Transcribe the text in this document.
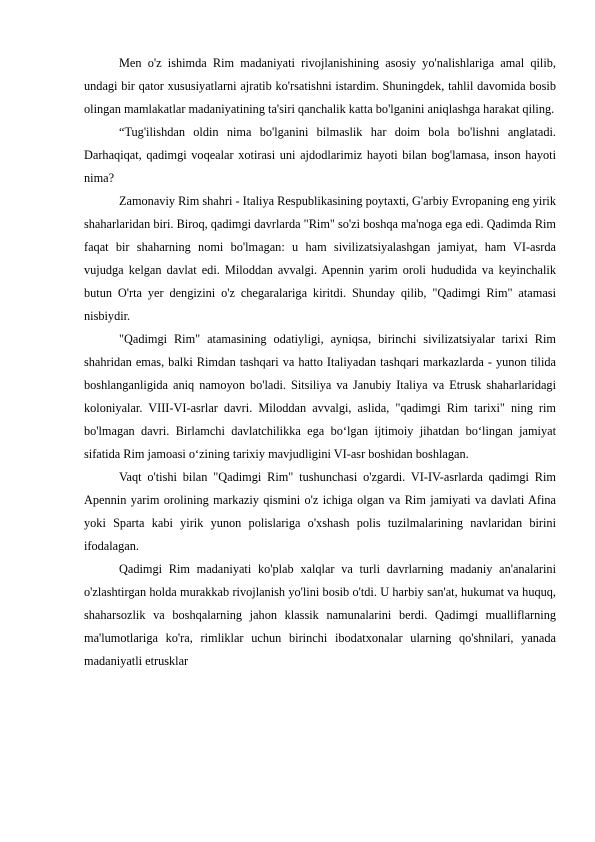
Men o'z ishimda Rim madaniyati rivojlanishining asosiy yo'nalishlariga amal qilib, undagi bir qator xususiyatlarni ajratib ko'rsatishni istardim. Shuningdek, tahlil davomida bosib olingan mamlakatlar madaniyatining ta'siri qanchalik katta bo'lganini aniqlashga harakat qiling.

“Tug'ilishdan oldin nima bo'lganini bilmaslik har doim bola bo'lishni anglatadi. Darhaqiqat, qadimgi voqealar xotirasi uni ajdodlarimiz hayoti bilan bog'lamasa, inson hayoti nima?

Zamonaviy Rim shahri - Italiya Respublikasining poytaxti, G'arbiy Evropaning eng yirik shaharlaridan biri. Biroq, qadimgi davrlarda "Rim" so'zi boshqa ma'noga ega edi. Qadimda Rim faqat bir shaharning nomi bo'lmagan: u ham sivilizatsiyalashgan jamiyat, ham VI-asrda vujudga kelgan davlat edi. Miloddan avvalgi. Apennin yarim oroli hududida va keyinchalik butun O'rta yer dengizini o'z chegaralariga kiritdi. Shunday qilib, "Qadimgi Rim" atamasi nisbiydir.

"Qadimgi Rim" atamasining odatiyligi, ayniqsa, birinchi sivilizatsiyalar tarixi Rim shahridan emas, balki Rimdan tashqari va hatto Italiyadan tashqari markazlarda - yunon tilida boshlanganligida aniq namoyon bo'ladi. Sitsiliya va Janubiy Italiya va Etrusk shaharlaridagi koloniyalar. VIII-VI-asrlar davri. Miloddan avvalgi, aslida, "qadimgi Rim tarixi" ning rim bo'lmagan davri. Birlamchi davlatchilikka ega bo‘lgan ijtimoiy jihatdan bo‘lingan jamiyat sifatida Rim jamoasi o‘zining tarixiy mavjudligini VI-asr boshidan boshlagan.

Vaqt o'tishi bilan "Qadimgi Rim" tushunchasi o'zgardi. VI-IV-asrlarda qadimgi Rim Apennin yarim orolining markaziy qismini o'z ichiga olgan va Rim jamiyati va davlati Afina yoki Sparta kabi yirik yunon polislariga o'xshash polis tuzilmalarining navlaridan birini ifodalagan.

Qadimgi Rim madaniyati ko'plab xalqlar va turli davrlarning madaniy an'analarini o'zlashtirgan holda murakkab rivojlanish yo'lini bosib o'tdi. U harbiy san'at, hukumat va huquq, shaharsozlik va boshqalarning jahon klassik namunalarini berdi. Qadimgi mualliflarning ma'lumotlariga ko'ra, rimliklar uchun birinchi ibodatxonalar ularning qo'shnilari, yanada madaniyatli etrusklar
